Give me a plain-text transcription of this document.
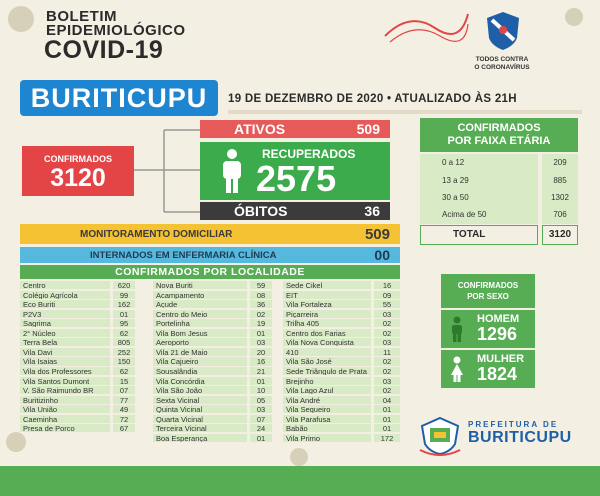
BOLETIM
EPIDEMIOLÓGICO
COVID-19	TODOS CONTRA
O CORONAVÍRUS
BURITICUPU	19 DE DEZEMBRO DE 2020 • ATUALIZADO ÀS 21H
CONFIRMADOS
3120
ATIVOS	509
RECUPERADOS
2575
ÓBITOS	36
MONITORAMENTO DOMICILIAR	509
INTERNADOS EM ENFERMARIA CLÍNICA	00
CONFIRMADOS
POR FAIXA ETÁRIA
0 a 12	209
13 a 29	885
30 a 50	1302
Acima de 50	706
TOTAL	3120
CONFIRMADOS POR LOCALIDADE
Centro	620
Colégio Agrícola	99
Eco Buriti	162
P2V3	01
Sagrima	95
2° Núcleo	62
Terra Bela	805
Vila Davi	252
Vila Isaias	150
Vila dos Professores	62
Vila Santos Dumont	15
V. São Raimundo BR	07
Buritizinho	77
Vila União	49
Caeminha	72
Presa de Porco	67
Nova Buriti	59
Acampamento	08
Açude	36
Centro do Meio	02
Portelinha	19
Vila Bom Jesus	01
Aeroporto	03
Vila 21 de Maio	20
Vila Cajueiro	16
Sousalândia	21
Vila Concórdia	01
Vila São João	10
Sexta Vicinal	05
Quinta Vicinal	03
Quarta Vicinal	07
Terceira Vicinal	24
Boa Esperança	01
Sede Cikel	16
EIT	09
Vila Fortaleza	55
Piçarreira	03
Trilha 405	02
Centro dos Farias	02
Vila Nova Conquista	03
410	11
Vila São José	02
Sede Triângulo de Prata	02
Brejinho	03
Vila Lago Azul	02
Vila André	04
Vila Sequeiro	01
Vila Parafusa	01
Babão	01
Vila Primo	172
CONFIRMADOS
POR SEXO
HOMEM
1296
MULHER
1824
PREFEITURA DE
BURITICUPU
